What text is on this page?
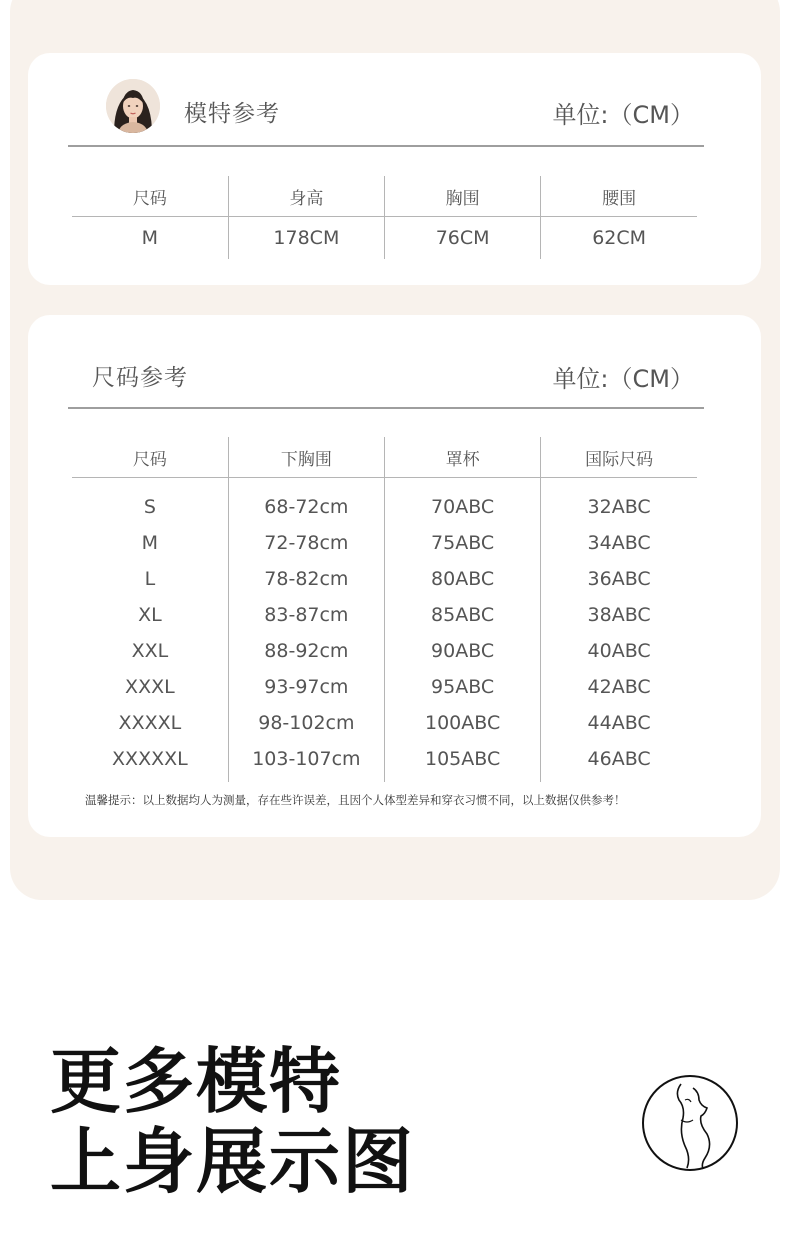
模特参考	单位:（CM）
尺码	身高	胸围	腰围
M	178CM	76CM	62CM
尺码参考	单位:（CM）
尺码	下胸围	罩杯	国际尺码
S	68-72cm	70ABC	32ABC
M	72-78cm	75ABC	34ABC
L	78-82cm	80ABC	36ABC
XL	83-87cm	85ABC	38ABC
XXL	88-92cm	90ABC	40ABC
XXXL	93-97cm	95ABC	42ABC
XXXXL	98-102cm	100ABC	44ABC
XXXXXL	103-107cm	105ABC	46ABC
温馨提示：以上数据均人为测量，存在些许误差，且因个人体型差异和穿衣习惯不同，以上数据仅供参考！
更多模特
上身展示图
